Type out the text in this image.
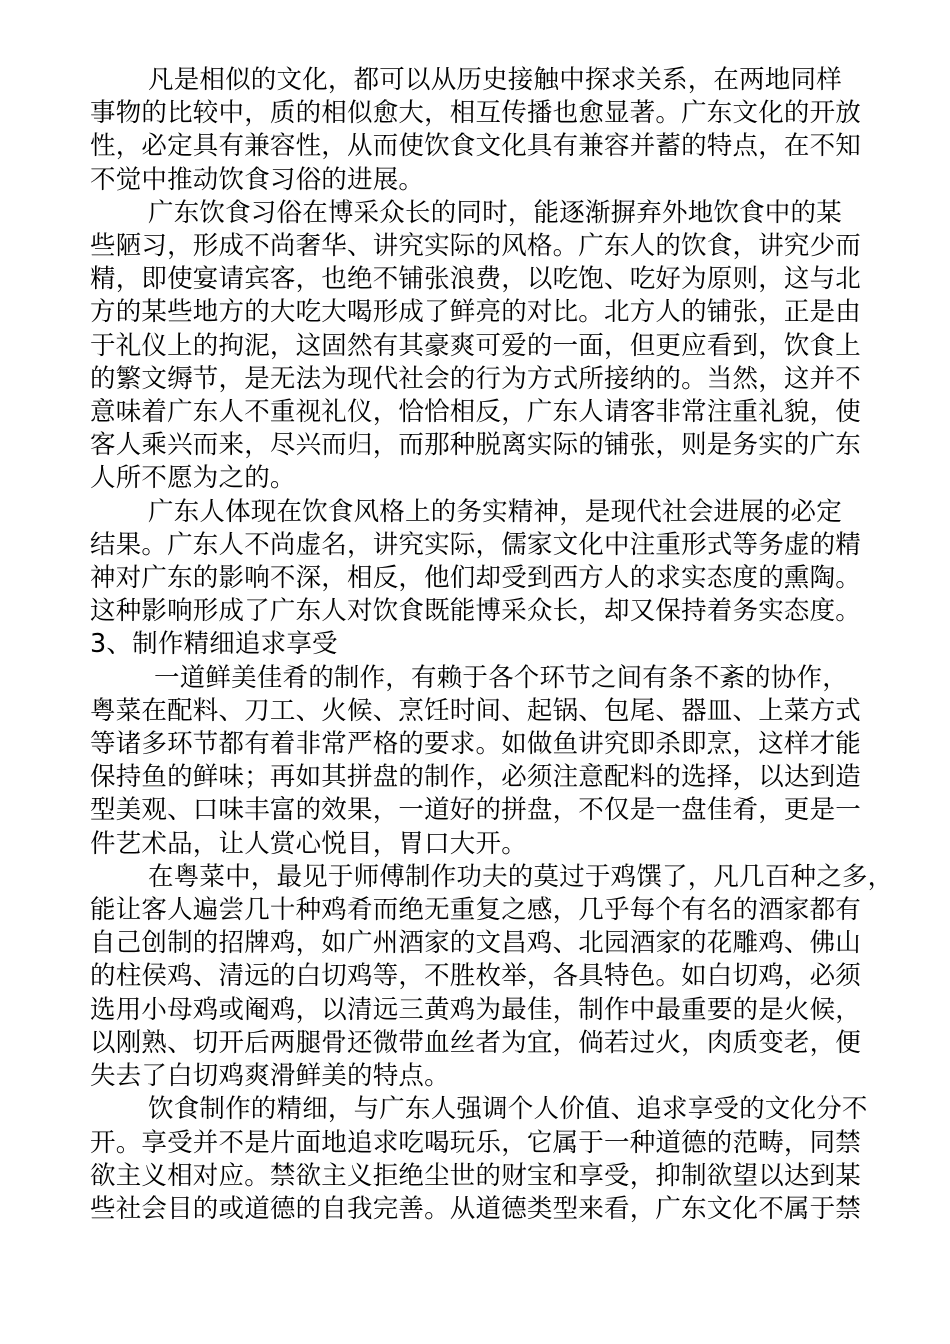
凡是相似的文化，都可以从历史接触中探求关系，在两地同样
事物的比较中，质的相似愈大，相互传播也愈显著。广东文化的开放
性，必定具有兼容性，从而使饮食文化具有兼容并蓄的特点，在不知
不觉中推动饮食习俗的进展。
广东饮食习俗在博采众长的同时，能逐渐摒弃外地饮食中的某
些陋习，形成不尚奢华、讲究实际的风格。广东人的饮食，讲究少而
精，即使宴请宾客，也绝不铺张浪费，以吃饱、吃好为原则，这与北
方的某些地方的大吃大喝形成了鲜亮的对比。北方人的铺张，正是由
于礼仪上的拘泥，这固然有其豪爽可爱的一面，但更应看到，饮食上
的繁文缛节，是无法为现代社会的行为方式所接纳的。当然，这并不
意味着广东人不重视礼仪，恰恰相反，广东人请客非常注重礼貌，使
客人乘兴而来，尽兴而归，而那种脱离实际的铺张，则是务实的广东
人所不愿为之的。
广东人体现在饮食风格上的务实精神，是现代社会进展的必定
结果。广东人不尚虚名，讲究实际，儒家文化中注重形式等务虚的精
神对广东的影响不深，相反，他们却受到西方人的求实态度的熏陶。
这种影响形成了广东人对饮食既能博采众长，却又保持着务实态度。
3、制作精细追求享受
一道鲜美佳肴的制作，有赖于各个环节之间有条不紊的协作，
粤菜在配料、刀工、火候、烹饪时间、起锅、包尾、器皿、上菜方式
等诸多环节都有着非常严格的要求。如做鱼讲究即杀即烹，这样才能
保持鱼的鲜味；再如其拼盘的制作，必须注意配料的选择，以达到造
型美观、口味丰富的效果，一道好的拼盘，不仅是一盘佳肴，更是一
件艺术品，让人赏心悦目，胃口大开。
在粤菜中，最见于师傅制作功夫的莫过于鸡馔了，凡几百种之多，
能让客人遍尝几十种鸡肴而绝无重复之感，几乎每个有名的酒家都有
自己创制的招牌鸡，如广州酒家的文昌鸡、北园酒家的花雕鸡、佛山
的柱侯鸡、清远的白切鸡等，不胜枚举，各具特色。如白切鸡，必须
选用小母鸡或阉鸡，以清远三黄鸡为最佳，制作中最重要的是火候，
以刚熟、切开后两腿骨还微带血丝者为宜，倘若过火，肉质变老，便
失去了白切鸡爽滑鲜美的特点。
饮食制作的精细，与广东人强调个人价值、追求享受的文化分不
开。享受并不是片面地追求吃喝玩乐，它属于一种道德的范畴，同禁
欲主义相对应。禁欲主义拒绝尘世的财宝和享受，抑制欲望以达到某
些社会目的或道德的自我完善。从道德类型来看，广东文化不属于禁
